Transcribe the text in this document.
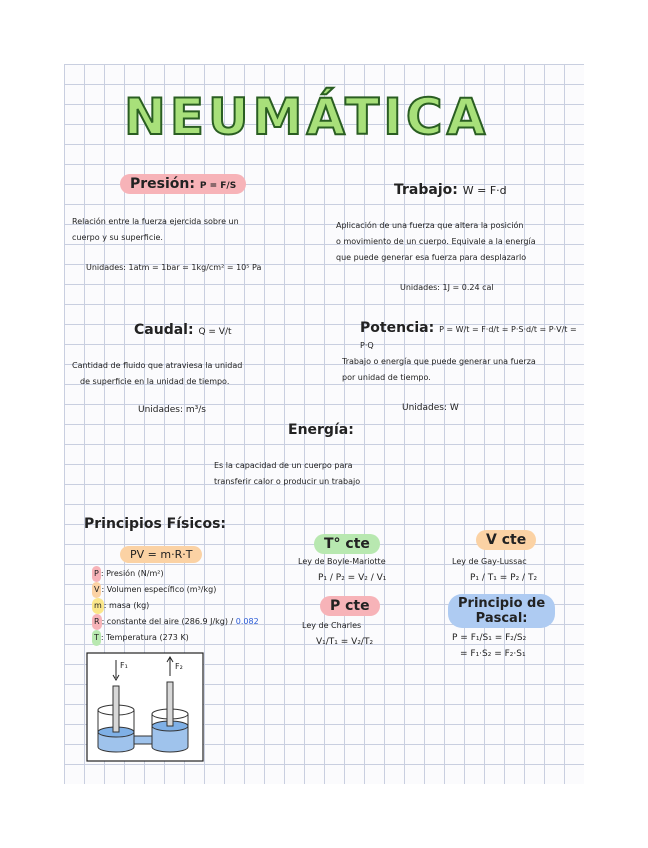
NEUMÁTICA
Presión: P = F/S
Relación entre la fuerza ejercida sobre un
cuerpo y su superficie.
Unidades: 1atm = 1bar = 1kg/cm² = 10⁵ Pa
Trabajo: W = F·d
Aplicación de una fuerza que altera la posición
o movimiento de un cuerpo. Equivale a la energía
que puede generar esa fuerza para desplazarlo
Unidades: 1J = 0.24 cal
Caudal: Q = V/t
Cantidad de fluido que atraviesa la unidad
de superficie en la unidad de tiempo.
Unidades: m³/s
Potencia: P = W/t = F·d/t = P·S·d/t = P·V/t = P·Q
Trabajo o energía que puede generar una fuerza
por unidad de tiempo.
Unidades: W
Energía:
Es la capacidad de un cuerpo para
transferir calor o producir un trabajo
Principios Físicos:
PV = m·R·T
P : Presión (N/m²)
V : Volumen específico (m³/kg)
m : masa (kg)
R : constante del aire (286.9 J/kg) / 0.082
T : Temperatura (273 K)
T° cte
Ley de Boyle-Mariotte
P₁ / P₂ = V₂ / V₁
V cte
Ley de Gay-Lussac
P₁ / T₁ = P₂ / T₂
P cte
Ley de Charles
V₁/T₁ = V₂/T₂
Principio de
Pascal:
P = F₁/S₁ = F₂/S₂
= F₁·S₂ = F₂·S₁
F₁	F₂
